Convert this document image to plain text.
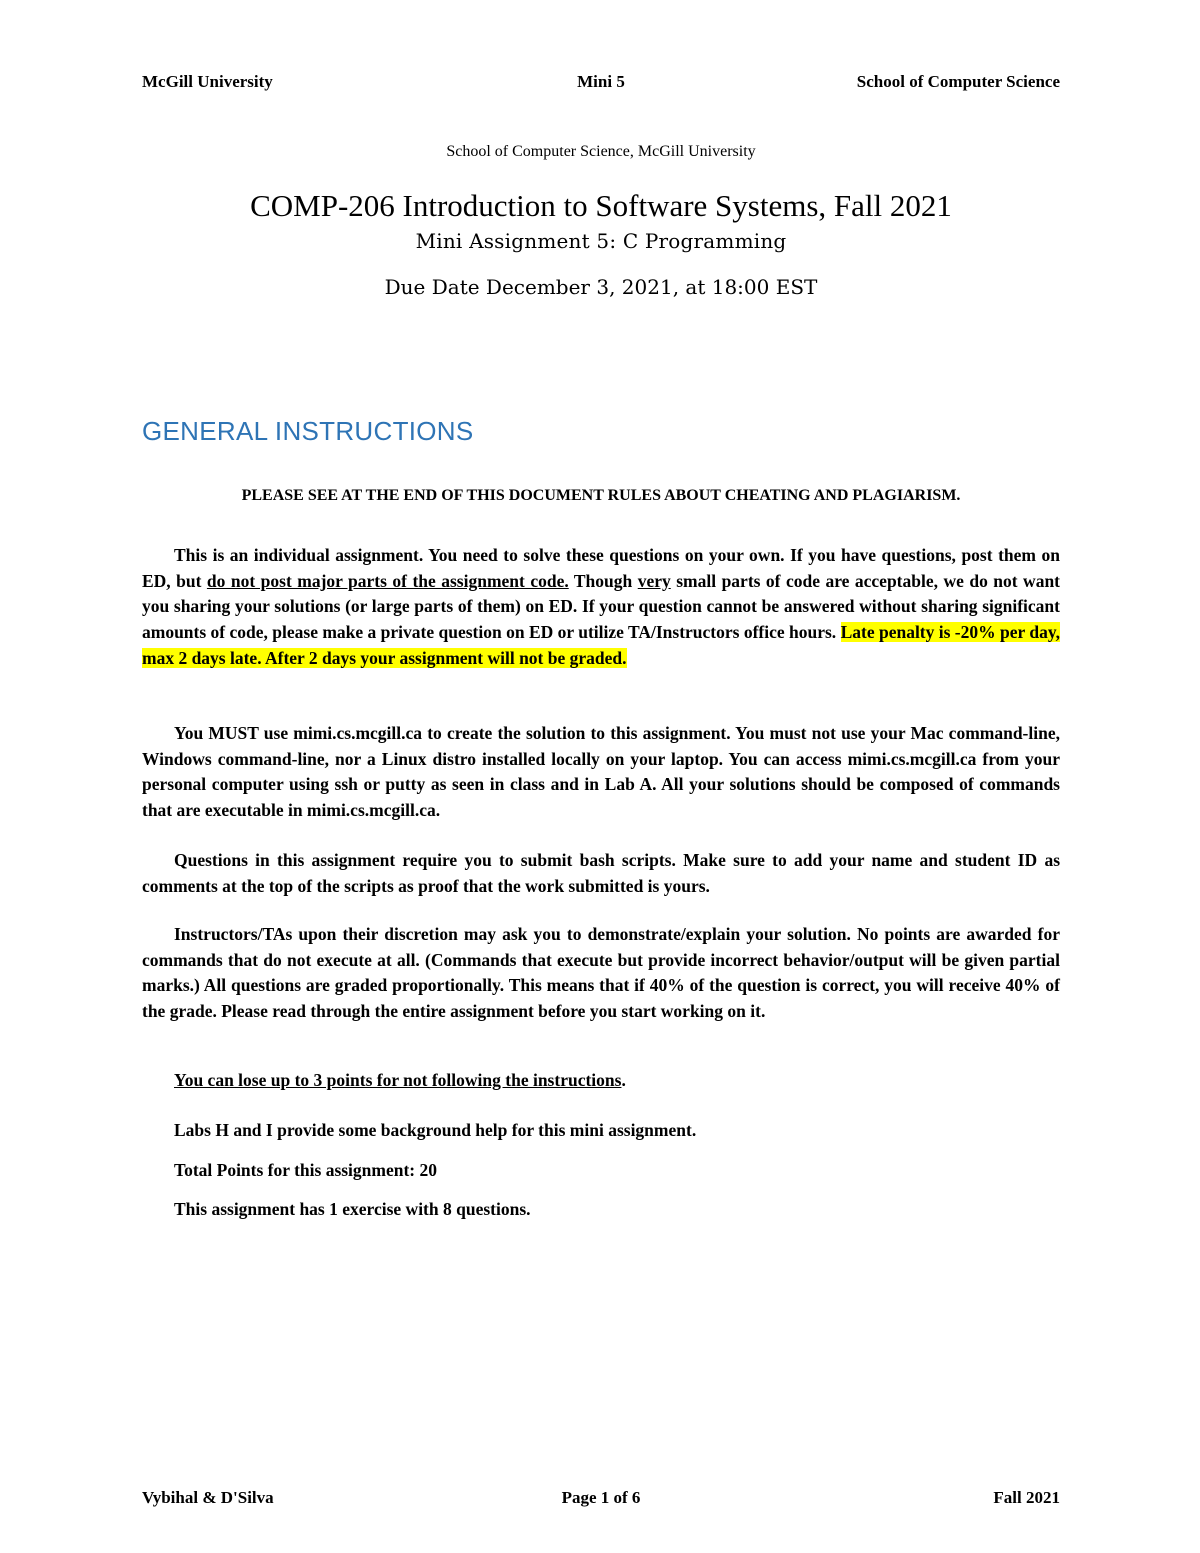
Mini 5
McGill University	School of Computer Science
School of Computer Science, McGill University
COMP-206 Introduction to Software Systems, Fall 2021
Mini Assignment 5: C Programming
Due Date December 3, 2021, at 18:00 EST
GENERAL INSTRUCTIONS
PLEASE SEE AT THE END OF THIS DOCUMENT RULES ABOUT CHEATING AND PLAGIARISM.

This is an individual assignment. You need to solve these questions on your own. If you have questions, post them on ED, but do not post major parts of the assignment code. Though very small parts of code are acceptable, we do not want you sharing your solutions (or large parts of them) on ED. If your question cannot be answered without sharing significant amounts of code, please make a private question on ED or utilize TA/Instructors office hours. Late penalty is -20% per day, max 2 days late. After 2 days your assignment will not be graded.

You MUST use mimi.cs.mcgill.ca to create the solution to this assignment. You must not use your Mac command-line, Windows command-line, nor a Linux distro installed locally on your laptop. You can access mimi.cs.mcgill.ca from your personal computer using ssh or putty as seen in class and in Lab A. All your solutions should be composed of commands that are executable in mimi.cs.mcgill.ca.

Questions in this assignment require you to submit bash scripts. Make sure to add your name and student ID as comments at the top of the scripts as proof that the work submitted is yours.

Instructors/TAs upon their discretion may ask you to demonstrate/explain your solution. No points are awarded for commands that do not execute at all. (Commands that execute but provide incorrect behavior/output will be given partial marks.) All questions are graded proportionally. This means that if 40% of the question is correct, you will receive 40% of the grade. Please read through the entire assignment before you start working on it.

You can lose up to 3 points for not following the instructions.
Labs H and I provide some background help for this mini assignment.
Total Points for this assignment: 20
This assignment has 1 exercise with 8 questions.
Page 1 of 6
Vybihal & D'Silva	Fall 2021
